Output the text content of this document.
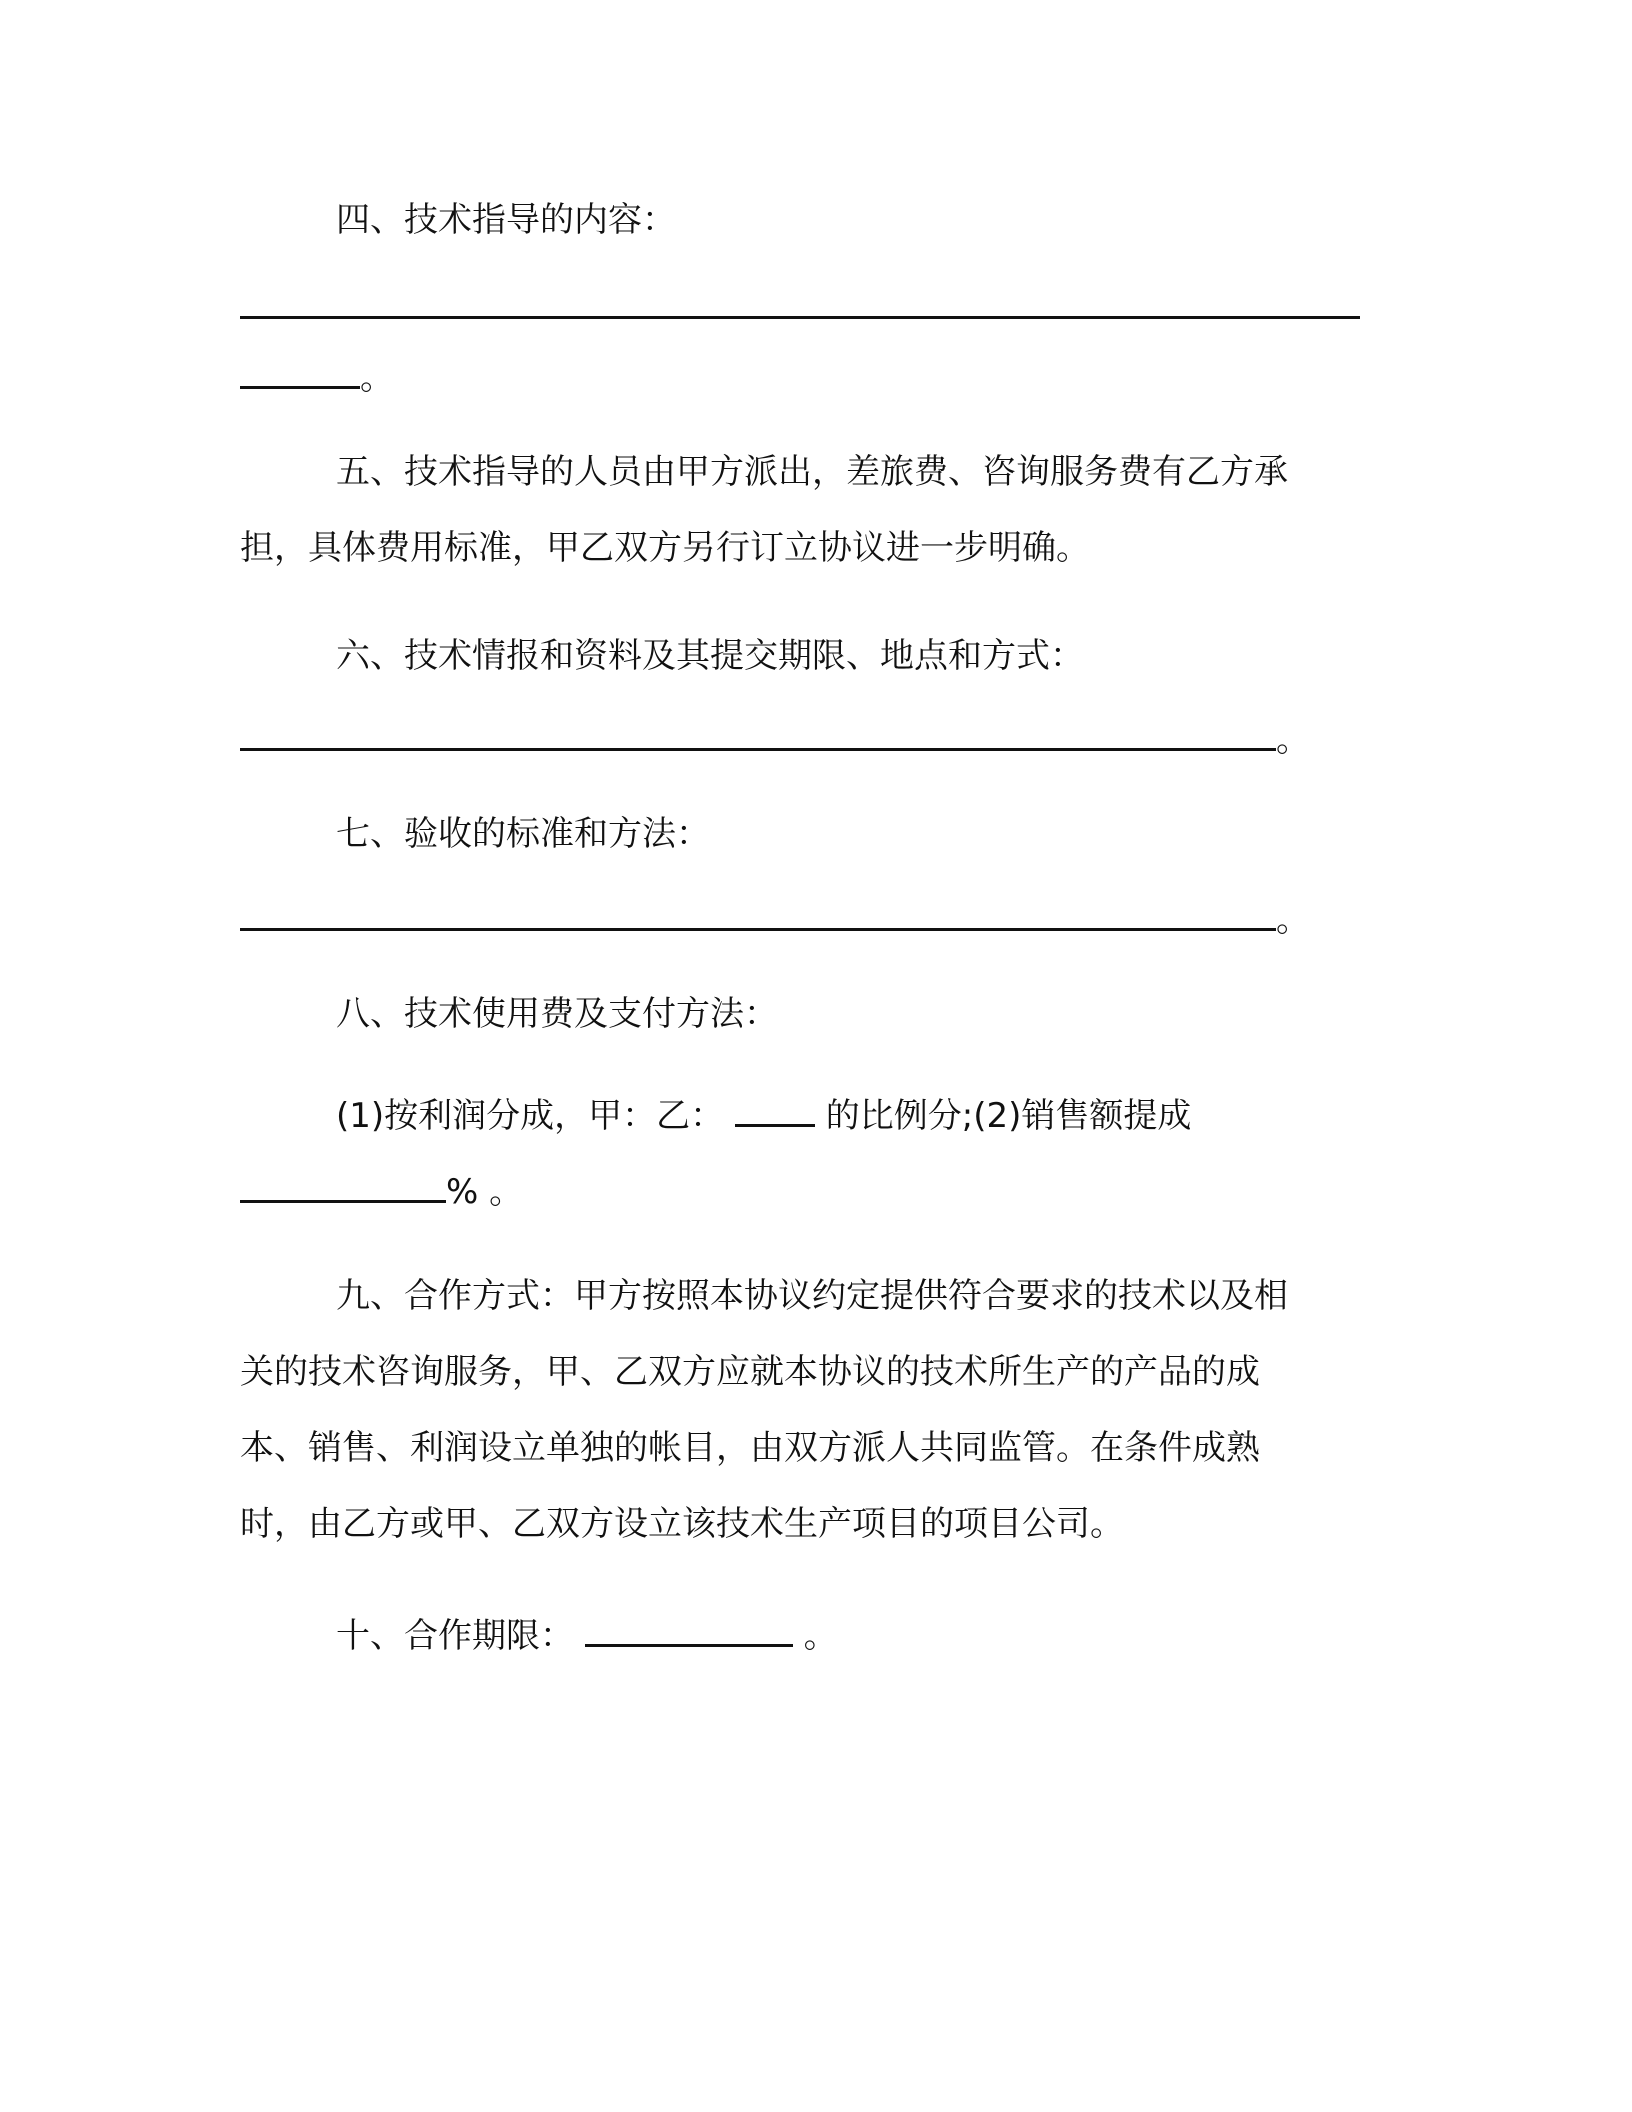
四、技术指导的内容：
。
五、技术指导的人员由甲方派出，差旅费、咨询服务费有乙方承
担，具体费用标准，甲乙双方另行订立协议进一步明确。
六、技术情报和资料及其提交期限、地点和方式：
。
七、验收的标准和方法：
。
八、技术使用费及支付方法：
(1)按利润分成，甲：乙：	的比例分;(2)销售额提成
% 。
九、合作方式：甲方按照本协议约定提供符合要求的技术以及相
关的技术咨询服务，甲、乙双方应就本协议的技术所生产的产品的成
本、销售、利润设立单独的帐目，由双方派人共同监管。在条件成熟
时，由乙方或甲、乙双方设立该技术生产项目的项目公司。
十、合作期限：	。
